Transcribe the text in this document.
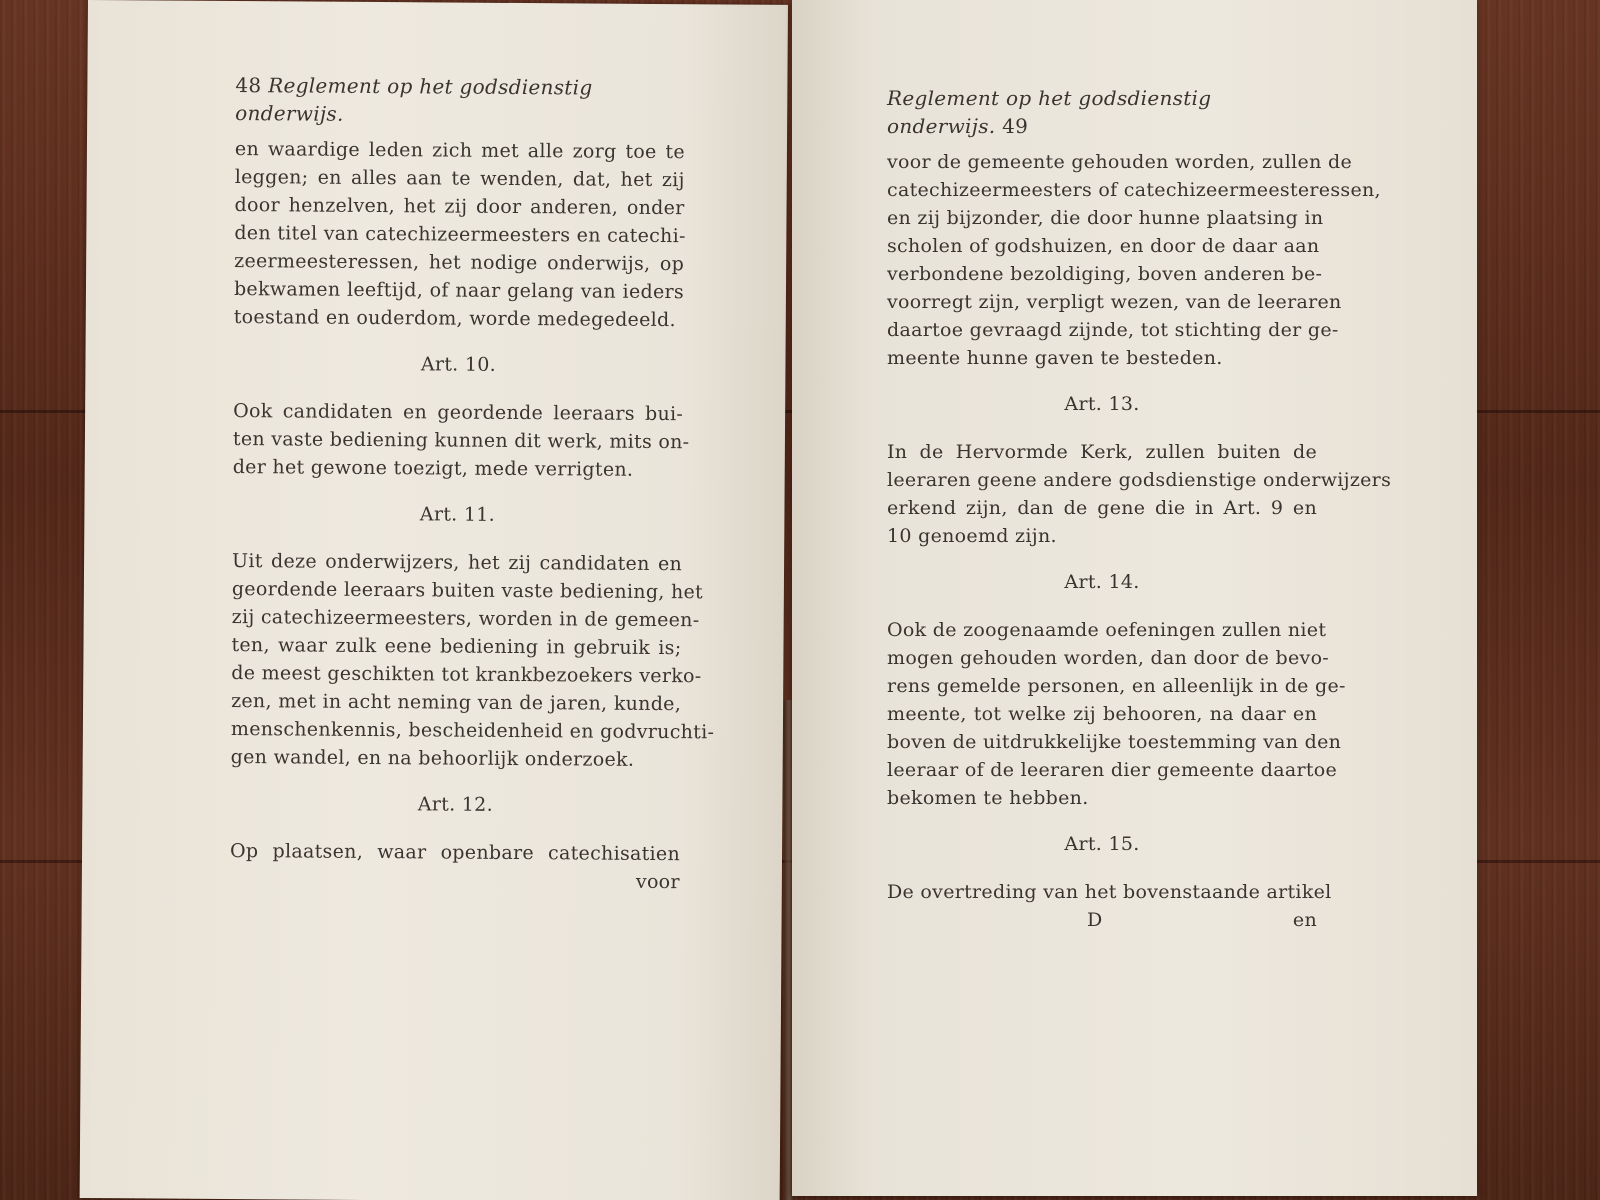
48 Reglement op het godsdienstig onderwijs.
en waardige leden zich met alle zorg toe te
leggen; en alles aan te wenden, dat, het zij
door henzelven, het zij door anderen, onder
den titel van catechizeermeesters en catechi-
zeermeesteressen, het nodige onderwijs, op
bekwamen leeftijd, of naar gelang van ieders
toestand en ouderdom, worde medegedeeld.
Art. 10.
Ook candidaten en geordende leeraars bui-
ten vaste bediening kunnen dit werk, mits on-
der het gewone toezigt, mede verrigten.
Art. 11.
Uit deze onderwijzers, het zij candidaten en
geordende leeraars buiten vaste bediening, het
zij catechizeermeesters, worden in de gemeen-
ten, waar zulk eene bediening in gebruik is;
de meest geschikten tot krankbezoekers verko-
zen, met in acht neming van de jaren, kunde,
menschenkennis, bescheidenheid en godvruchti-
gen wandel, en na behoorlijk onderzoek.
Art. 12.
Op plaatsen, waar openbare catechisatien
voor
Reglement op het godsdienstig onderwijs. 49
voor de gemeente gehouden worden, zullen de
catechizeermeesters of catechizeermeesteressen,
en zij bijzonder, die door hunne plaatsing in
scholen of godshuizen, en door de daar aan
verbondene bezoldiging, boven anderen be-
voorregt zijn, verpligt wezen, van de leeraren
daartoe gevraagd zijnde, tot stichting der ge-
meente hunne gaven te besteden.
Art. 13.
In de Hervormde Kerk, zullen buiten de
leeraren geene andere godsdienstige onderwijzers
erkend zijn, dan de gene die in Art. 9 en
10 genoemd zijn.
Art. 14.
Ook de zoogenaamde oefeningen zullen niet
mogen gehouden worden, dan door de bevo-
rens gemelde personen, en alleenlijk in de ge-
meente, tot welke zij behooren, na daar en
boven de uitdrukkelijke toestemming van den
leeraar of de leeraren dier gemeente daartoe
bekomen te hebben.
Art. 15.
De overtreding van het bovenstaande artikel
D	en
